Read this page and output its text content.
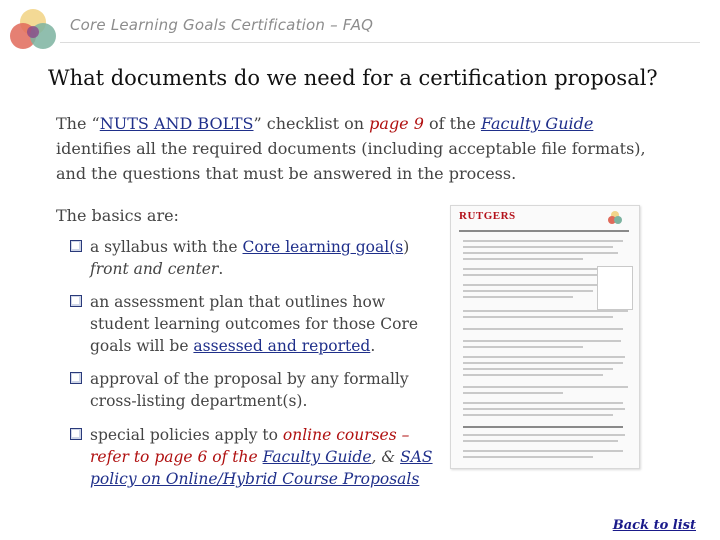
Core Learning Goals Certification – FAQ
What documents do we need for a certification proposal?
The “NUTS AND BOLTS” checklist on page 9 of the Faculty Guide identifies all the required documents (including acceptable file formats), and the questions that must be answered in the process.
The basics are:
a syllabus with the Core learning goal(s)
front and center.
an assessment plan that outlines how student learning outcomes for those Core goals will be assessed and reported.
approval of the proposal by any formally cross-listing department(s).
special policies apply to online courses – refer to page 6 of the Faculty Guide, & SAS policy on Online/Hybrid Course Proposals
RUTGERS
Back to list
